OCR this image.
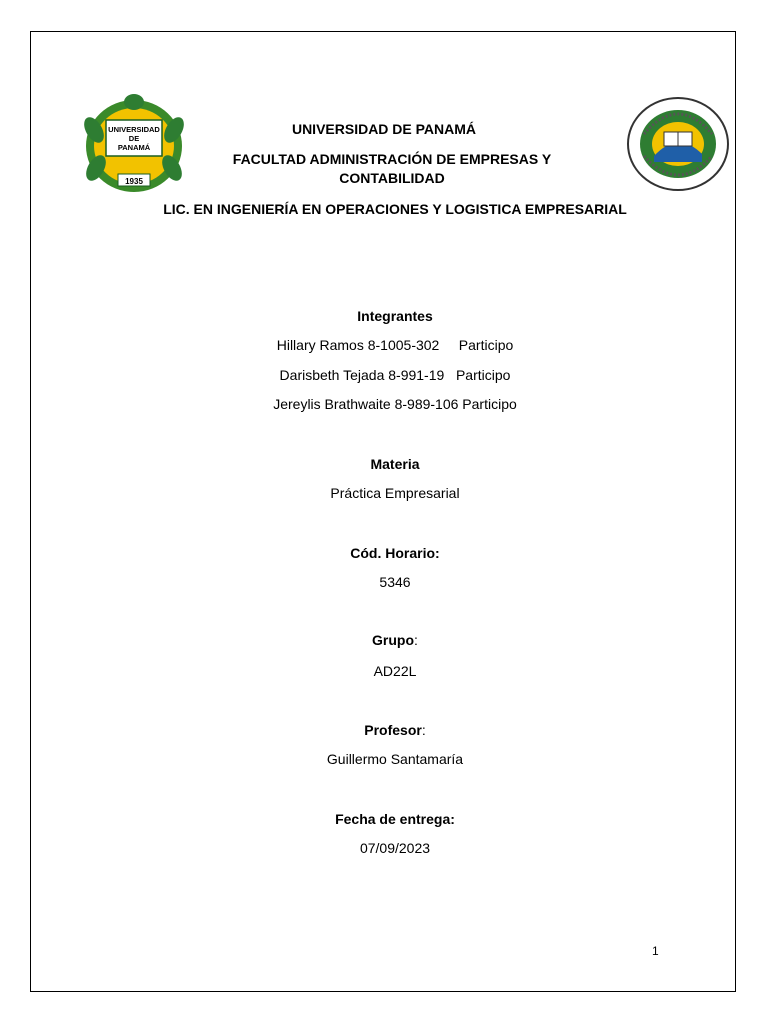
UNIVERSIDAD
DE
PANAMÁ
1935
UNIVERSIDAD DE PANAMÁ
FACULTAD ADMINISTRACIÓN DE EMPRESAS Y
CONTABILIDAD
LIC. EN INGENIERÍA EN OPERACIONES Y LOGISTICA EMPRESARIAL
Integrantes
Hillary Ramos 8-1005-302     Participo
Darisbeth Tejada 8-991-19   Participo
Jereylis Brathwaite 8-989-106 Participo
Materia
Práctica Empresarial
Cód. Horario:
5346
Grupo:
AD22L
Profesor:
Guillermo Santamaría
Fecha de entrega:
07/09/2023
1
